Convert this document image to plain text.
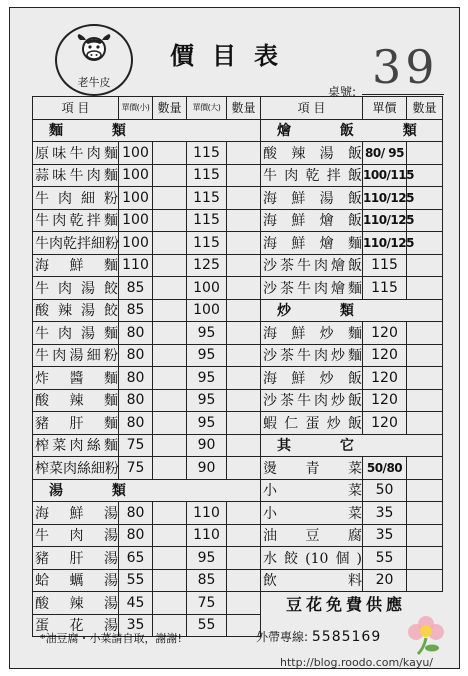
老牛皮
價目表
桌號: 39
項 目	單價(小)	數量	單價(大)	數量
麵 類				
原味牛肉麵	100		115	
蒜味牛肉麵	100		115	
牛肉細粉	100		115	
牛肉乾拌麵	100		115	
牛肉乾拌細粉	100		115	
海鮮麵	110		125	
牛肉湯餃	85		100	
酸辣湯餃	85		100	
牛肉湯麵	80		95	
牛肉湯細粉	80		95	
炸醬麵	80		95	
酸辣麵	80		95	
豬肝麵	80		95	
榨菜肉絲麵	75		90	
榨菜肉絲細粉	75		90	
湯 類				
海鮮湯	80		110	
牛肉湯	80		110	
豬肝湯	65		95	
蛤蠣湯	55		85	
酸辣湯	45		75	
蛋花湯	35		55	
項 目	單價	數量
燴 飯 類		
酸辣湯飯	80/ 95	
牛肉乾拌飯	100/115	
海鮮湯飯	110/125	
海鮮燴飯	110/125	
海鮮燴麵	110/125	
沙茶牛肉燴飯	115	
沙茶牛肉燴麵	115	
炒 類		
海鮮炒麵	120	
沙茶牛肉炒麵	120	
海鮮炒飯	120	
沙茶牛肉炒飯	120	
蝦仁蛋炒飯	120	
其 它		
燙青菜	50/80	
小菜	50	
小菜	35	
油豆腐	35	
水餃(10個)	55	
飲料	20	
豆花免費供應
*油豆腐・小菜請自取，謝謝!	外帶專線: 5585169
http://blog.roodo.com/kayu/
